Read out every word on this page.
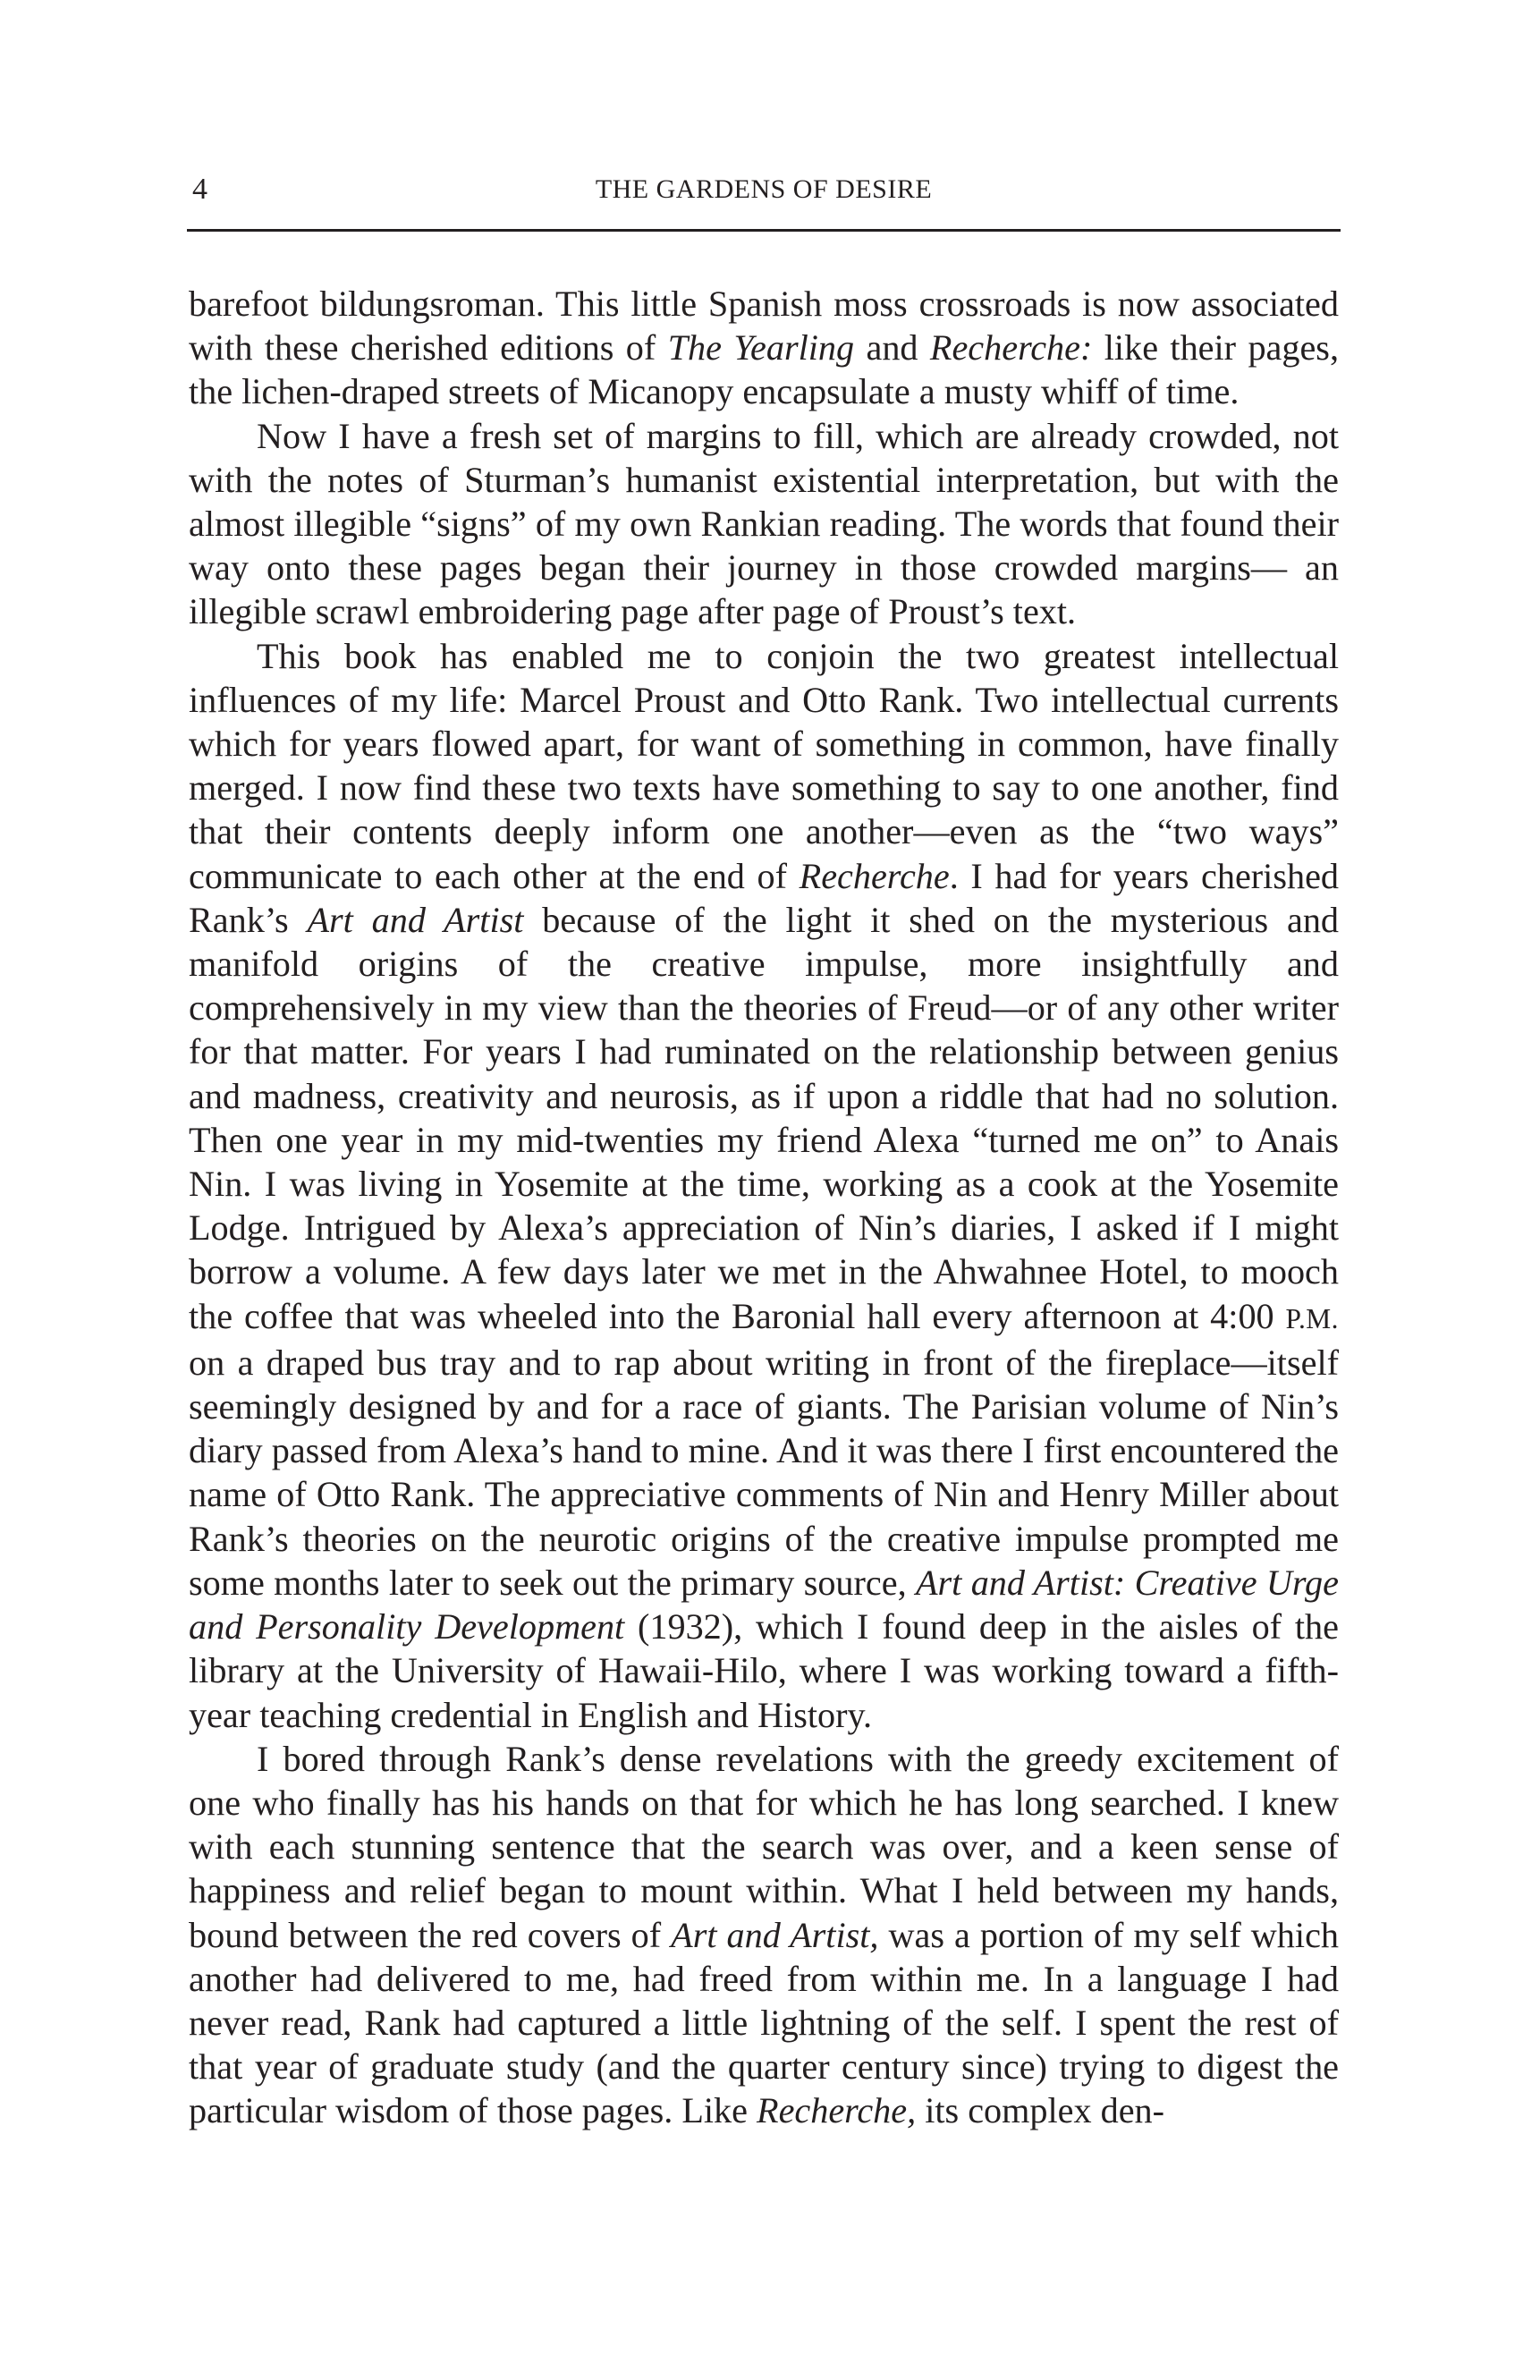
4	THE GARDENS OF DESIRE

barefoot bildungsroman. This little Spanish moss crossroads is now associated with these cherished editions of The Yearling and Recherche: like their pages, the lichen-draped streets of Micanopy encapsulate a musty whiff of time.

Now I have a fresh set of margins to fill, which are already crowded, not with the notes of Sturman’s humanist existential interpretation, but with the almost illegible “signs” of my own Rankian reading. The words that found their way onto these pages began their journey in those crowded margins— an illegible scrawl embroidering page after page of Proust’s text.

This book has enabled me to conjoin the two greatest intellectual influences of my life: Marcel Proust and Otto Rank. Two intellectual currents which for years flowed apart, for want of something in common, have finally merged. I now find these two texts have something to say to one another, find that their contents deeply inform one another—even as the “two ways” communicate to each other at the end of Recherche. I had for years cherished Rank’s Art and Artist because of the light it shed on the mysterious and manifold origins of the creative impulse, more insightfully and comprehensively in my view than the theories of Freud—or of any other writer for that matter. For years I had ruminated on the relationship between genius and madness, creativity and neurosis, as if upon a riddle that had no solution. Then one year in my mid-twenties my friend Alexa “turned me on” to Anais Nin. I was living in Yosemite at the time, working as a cook at the Yosemite Lodge. Intrigued by Alexa’s appreciation of Nin’s diaries, I asked if I might borrow a volume. A few days later we met in the Ahwahnee Hotel, to mooch the coffee that was wheeled into the Baronial hall every afternoon at 4:00 P.M. on a draped bus tray and to rap about writing in front of the fireplace—itself seemingly designed by and for a race of giants. The Parisian volume of Nin’s diary passed from Alexa’s hand to mine. And it was there I first encountered the name of Otto Rank. The appreciative comments of Nin and Henry Miller about Rank’s theories on the neurotic origins of the creative impulse prompted me some months later to seek out the primary source, Art and Artist: Creative Urge and Personality Development (1932), which I found deep in the aisles of the library at the University of Hawaii-Hilo, where I was working toward a fifth-year teaching credential in English and History.

I bored through Rank’s dense revelations with the greedy excitement of one who finally has his hands on that for which he has long searched. I knew with each stunning sentence that the search was over, and a keen sense of happiness and relief began to mount within. What I held between my hands, bound between the red covers of Art and Artist, was a portion of my self which another had delivered to me, had freed from within me. In a language I had never read, Rank had captured a little lightning of the self. I spent the rest of that year of graduate study (and the quarter century since) trying to digest the particular wisdom of those pages. Like Recherche, its complex den-
